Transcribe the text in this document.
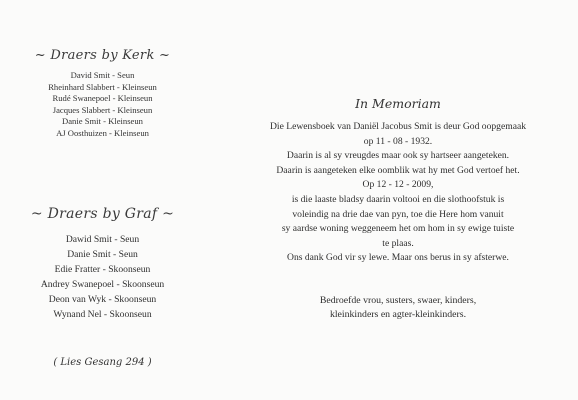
~ Draers by Kerk ~
David Smit - Seun
Rheinhard Slabbert - Kleinseun
Rudé Swanepoel - Kleinseun
Jacques Slabbert - Kleinseun
Danie Smit - Kleinseun
AJ Oosthuizen - Kleinseun
~ Draers by Graf ~
Dawid Smit - Seun
Danie Smit - Seun
Edie Fratter - Skoonseun
Andrey Swanepoel - Skoonseun
Deon van Wyk - Skoonseun
Wynand Nel - Skoonseun
( Lies Gesang 294 )
In Memoriam

Die Lewensboek van Daniël Jacobus Smit is deur God oopgemaak

op 11 - 08 - 1932.

Daarin is al sy vreugdes maar ook sy hartseer aangeteken.

Daarin is aangeteken elke oomblik wat hy met God vertoef het.

Op 12 - 12 - 2009,

is die laaste bladsy daarin voltooi en die slothoofstuk is

voleindig na drie dae van pyn, toe die Here hom vanuit

sy aardse woning weggeneem het om hom in sy ewige tuiste

te plaas.

Ons dank God vir sy lewe. Maar ons berus in sy afsterwe.

Bedroefde vrou, susters, swaer, kinders,

kleinkinders en agter-kleinkinders.
